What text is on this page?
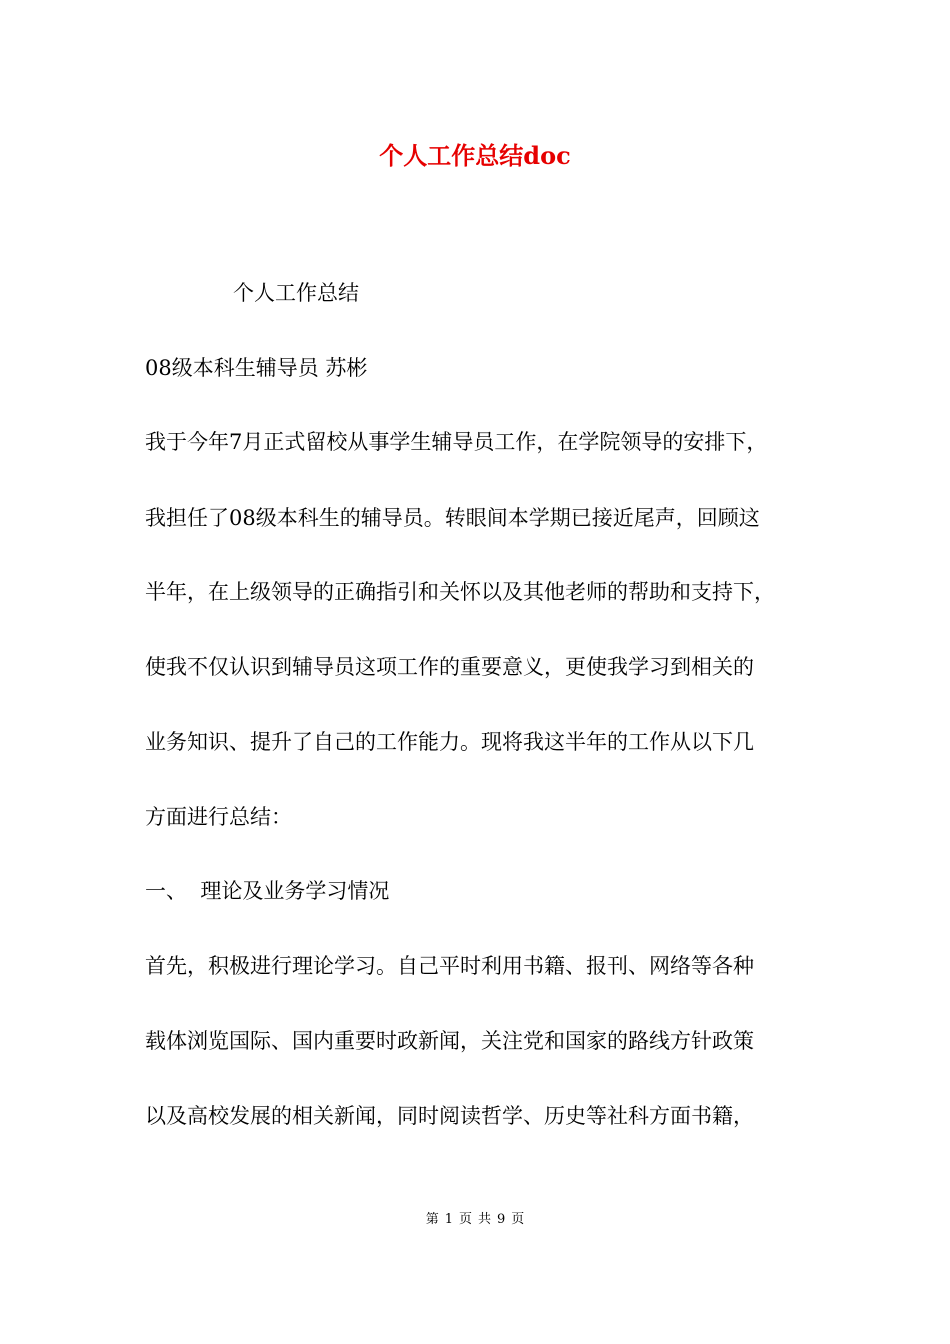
个人工作总结doc
个人工作总结
08级本科生辅导员 苏彬
我于今年7月正式留校从事学生辅导员工作，在学院领导的安排下，
我担任了08级本科生的辅导员。转眼间本学期已接近尾声，回顾这
半年，在上级领导的正确指引和关怀以及其他老师的帮助和支持下，
使我不仅认识到辅导员这项工作的重要意义，更使我学习到相关的
业务知识、提升了自己的工作能力。现将我这半年的工作从以下几
方面进行总结：
一、  理论及业务学习情况
首先，积极进行理论学习。自己平时利用书籍、报刊、网络等各种
载体浏览国际、国内重要时政新闻，关注党和国家的路线方针政策
以及高校发展的相关新闻，同时阅读哲学、历史等社科方面书籍，
第 1 页 共 9 页
